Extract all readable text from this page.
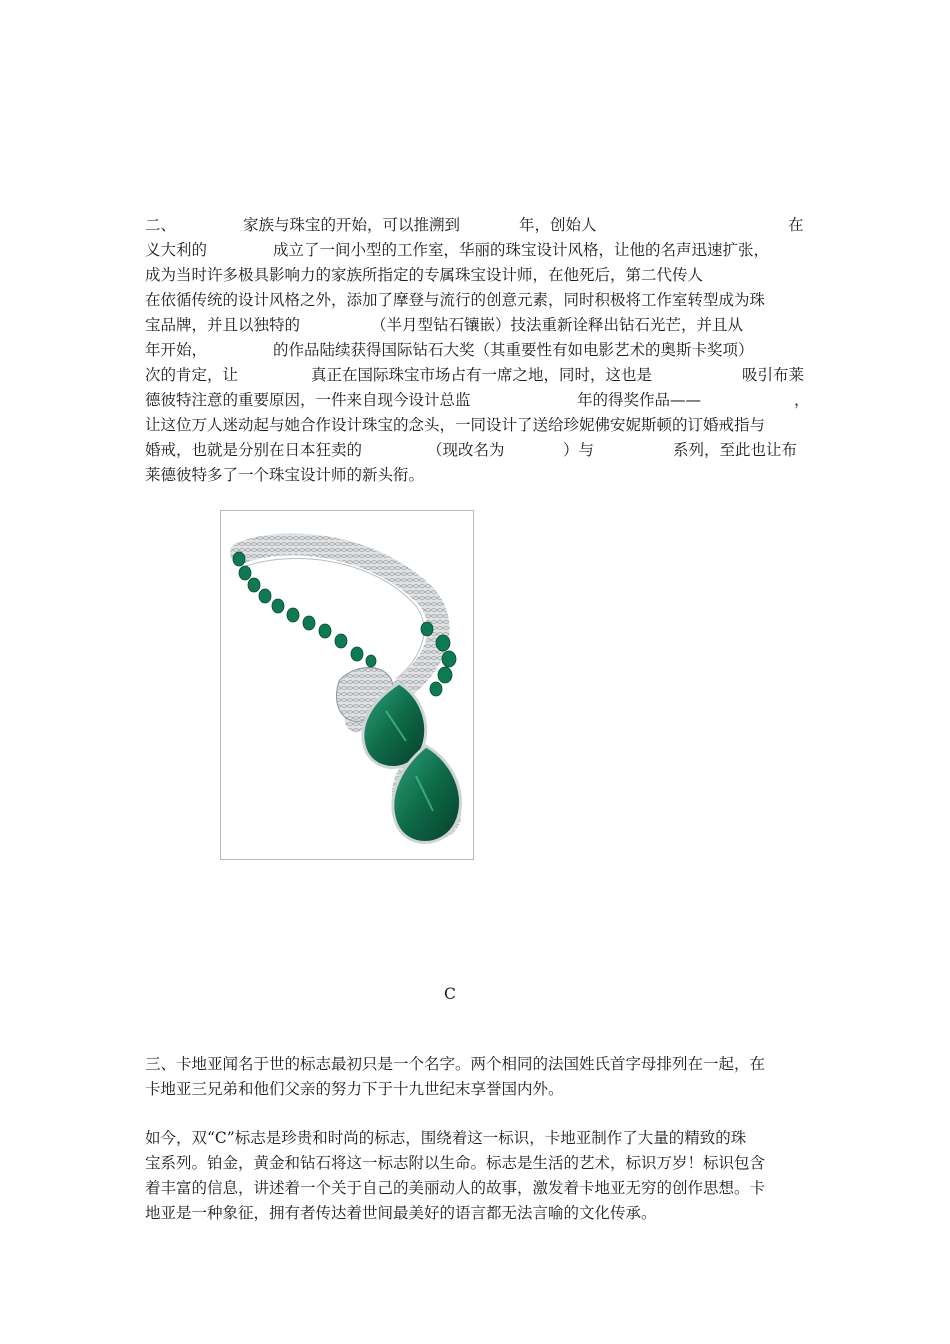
二、	家族与珠宝的开始，可以推溯到	年，创始人	在
义大利的	成立了一间小型的工作室，华丽的珠宝设计风格，让他的名声迅速扩张，
成为当时许多极具影响力的家族所指定的专属珠宝设计师，在他死后，第二代传人
在依循传统的设计风格之外，添加了摩登与流行的创意元素，同时积极将工作室转型成为珠
宝品牌，并且以独特的	（半月型钻石镶嵌）技法重新诠释出钻石光芒，并且从
年开始，	的作品陆续获得国际钻石大奖（其重要性有如电影艺术的奥斯卡奖项）
次的肯定，让	真正在国际珠宝市场占有一席之地，同时，这也是	吸引布莱
德彼特注意的重要原因，一件来自现今设计总监	年的得奖作品——	，
让这位万人迷动起与她合作设计珠宝的念头，一同设计了送给珍妮佛安妮斯顿的订婚戒指与
婚戒，也就是分别在日本狂卖的	（现改名为	）与	系列，至此也让布
莱德彼特多了一个珠宝设计师的新头衔。
C
三、卡地亚闻名于世的标志最初只是一个名字。两个相同的法国姓氏首字母排列在一起，在
卡地亚三兄弟和他们父亲的努力下于十九世纪末享誉国内外。
如今，双“C”标志是珍贵和时尚的标志，围绕着这一标识，卡地亚制作了大量的精致的珠
宝系列。铂金，黄金和钻石将这一标志附以生命。标志是生活的艺术，标识万岁！标识包含
着丰富的信息，讲述着一个关于自己的美丽动人的故事，激发着卡地亚无穷的创作思想。卡
地亚是一种象征，拥有者传达着世间最美好的语言都无法言喻的文化传承。
